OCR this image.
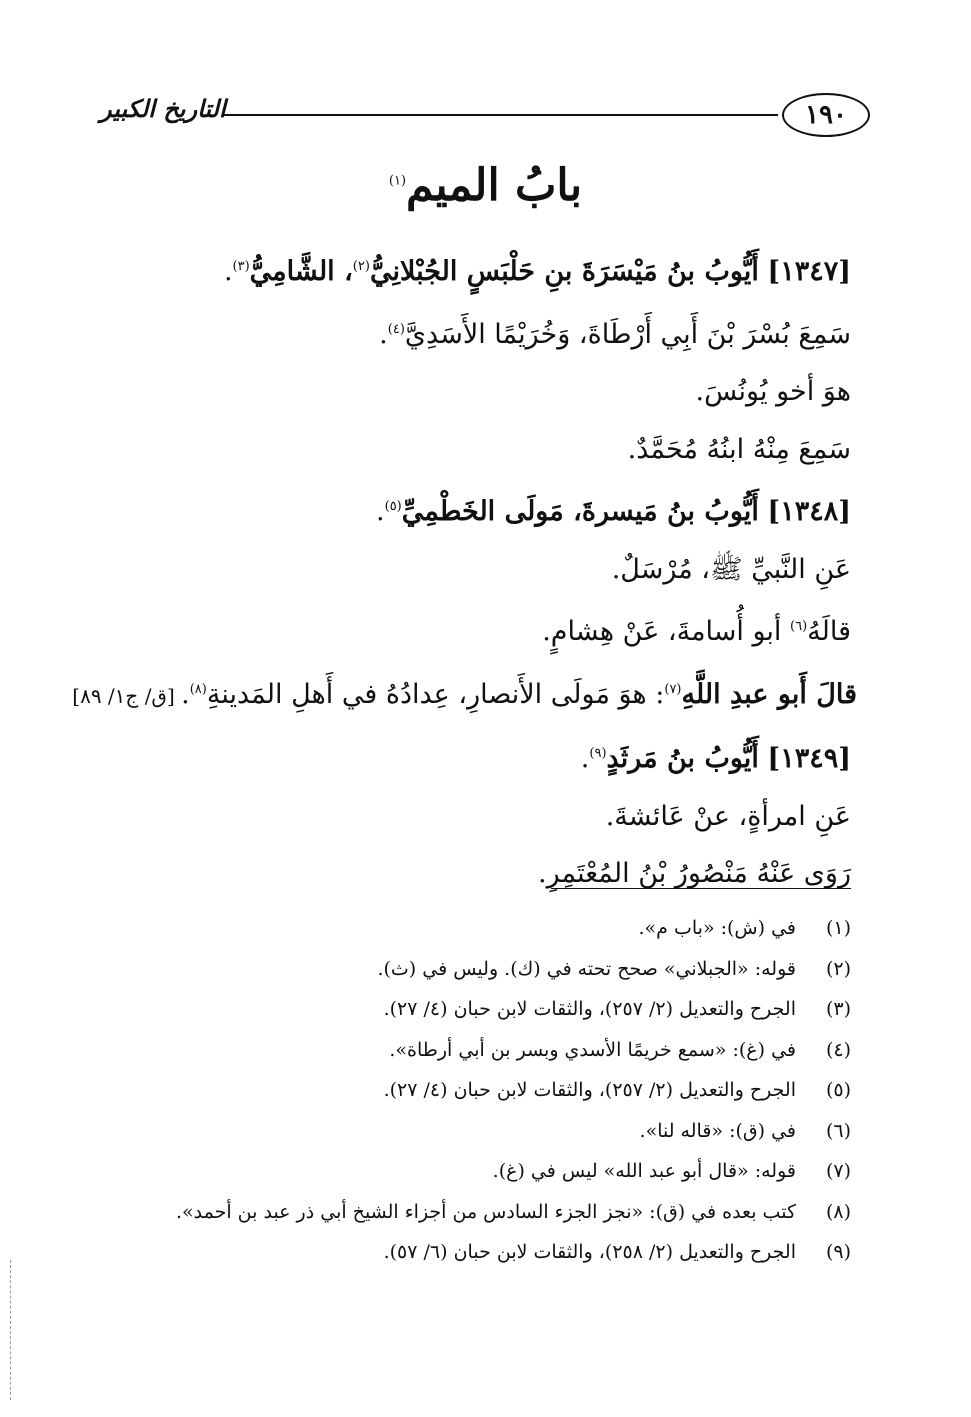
١٩٠
التاريخ الكبير
بابُ الميم$^{(١)}$
[١٣٤٧] أَيُّوبُ بنُ مَيْسَرَةَ بنِ حَلْبَسٍ الجُبْلانِيُّ$^{(٢)}$، الشَّامِيُّ$^{(٣)}$.
سَمِعَ بُسْرَ بْنَ أَبِي أَرْطَاةَ، وَخُرَيْمًا الأَسَدِيَّ$^{(٤)}$.
هوَ أخو يُونُسَ.
سَمِعَ مِنْهُ ابنُهُ مُحَمَّدٌ.
[١٣٤٨] أَيُّوبُ بنُ مَيسرةَ، مَولَى الخَطْمِيِّ$^{(٥)}$.
عَنِ النَّبيِّ ﷺ، مُرْسَلٌ.
قالَهُ$^{(٦)}$ أبو أُسامةَ، عَنْ هِشامٍ.
قالَ أَبو عبدِ اللَّهِ$^{(٧)}$: هوَ مَولَى الأَنصارِ، عِدادُهُ في أَهلِ المَدينةِ$^{(٨)}$. [ق/ ج١/ ٨٩]
[١٣٤٩] أَيُّوبُ بنُ مَرثَدٍ$^{(٩)}$.
عَنِ امرأةٍ، عنْ عَائشةَ.
رَوَى عَنْهُ مَنْصُورُ بْنُ المُعْتَمِرِ.
(١)
في (ش): «باب م».
(٢)
قوله: «الجبلاني» صحح تحته في (ك). وليس في (ث).
(٣)
الجرح والتعديل (٢/ ٢٥٧)، والثقات لابن حبان (٤/ ٢٧).
(٤)
في (غ): «سمع خريمًا الأسدي وبسر بن أبي أرطاة».
(٥)
الجرح والتعديل (٢/ ٢٥٧)، والثقات لابن حبان (٤/ ٢٧).
(٦)
في (ق): «قاله لنا».
(٧)
قوله: «قال أبو عبد الله» ليس في (غ).
(٨)
كتب بعده في (ق): «نجز الجزء السادس من أجزاء الشيخ أبي ذر عبد بن أحمد».
(٩)
الجرح والتعديل (٢/ ٢٥٨)، والثقات لابن حبان (٦/ ٥٧).
